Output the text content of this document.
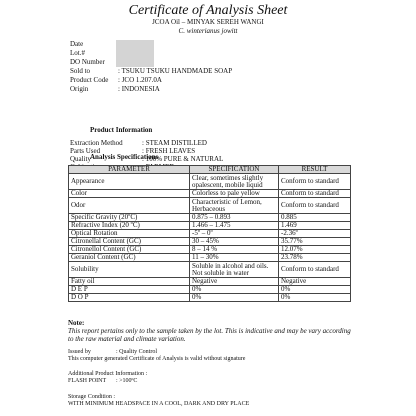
Certificate of Analysis Sheet
JCOA Oil – MINYAK SEREH WANGI
C. winterianus jowitt
Date
Lot.#
DO Number
Sold to	: TSUKU TSUKU HANDMADE SOAP
Product Code	: JCO 1.207.0A
Origin	: INDONESIA
Product Information
Extraction Method	: STEAM DISTILLED
Parts Used	: FRESH LEAVES
Quality	: 100% PURE & NATURAL
Analysis Specifications
PARAMETER	SPECIFICATION	RESULT
Appearance	Clear, sometimes slightly opalescent, mobile liquid	Conform to standard
Color	Colorless to pale yellow	Conform to standard
Odor	Characteristic of Lemon, Herbaceous	Conform to standard
Specific Gravity (20ºC)	0.875 – 0.893	0.885
Refractive Index (20 ºC)	1.466 – 1.475	1.469
Optical Rotation	-5º – 0º	-2.36º
Citronellal Content (GC)	30 – 45%	35.77%
Citronellol Content (GC)	8 – 14 %	12.07%
Geraniol Content (GC)	11 – 30%	23.78%
Solubility	Soluble in alcohol and oils. Not soluble in water	Conform to standard
Fatty oil	Negative	Negative
D E P	0%	0%
D O P	0%	0%
Note:
This report pertains only to the sample taken by the lot. This is indicative and may be vary according to the raw material and climate variation.
Issued by	: Quality Control
This computer generated Certificate of Analysis is valid without signature
Additional Product Information :
FLASH POINT	: >100ºC
Storage Condition :
WITH MINIMUM HEADSPACE IN A COOL, DARK AND DRY PLACE
